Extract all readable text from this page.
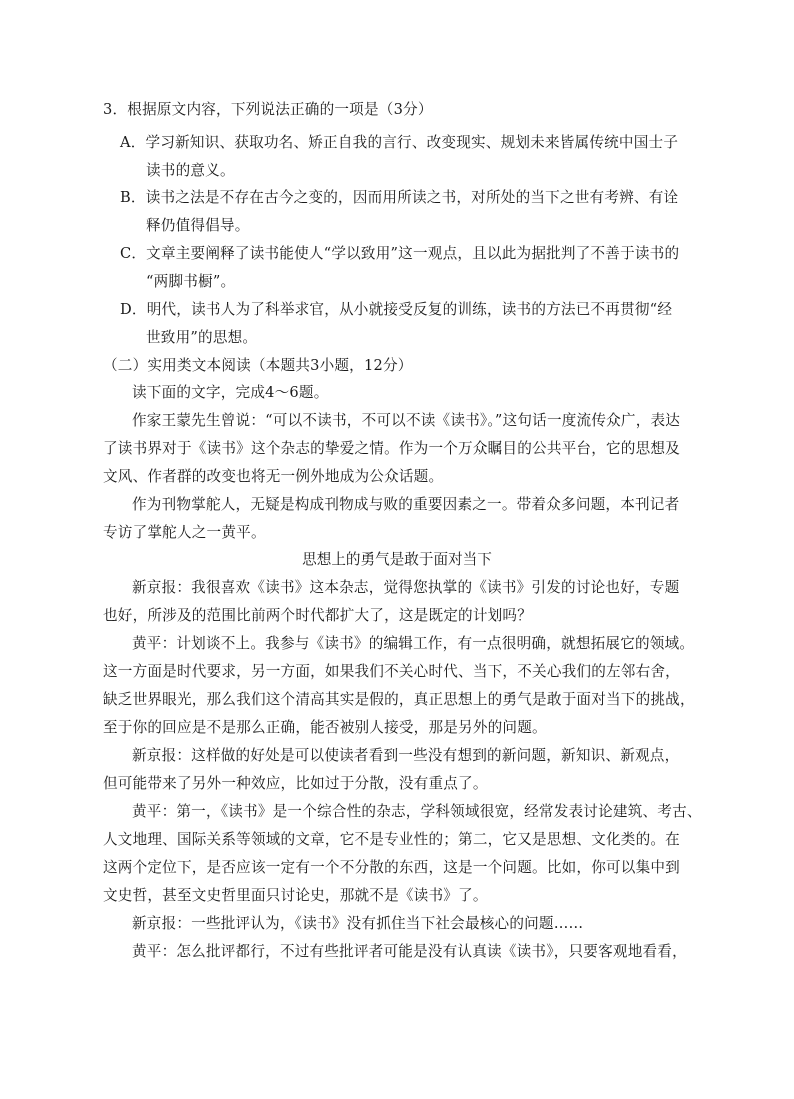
3．根据原文内容，下列说法正确的一项是（3分）
A．学习新知识、获取功名、矫正自我的言行、改变现实、规划未来皆属传统中国士子
读书的意义。
B．读书之法是不存在古今之变的，因而用所读之书，对所处的当下之世有考辨、有诠
释仍值得倡导。
C．文章主要阐释了读书能使人“学以致用”这一观点，且以此为据批判了不善于读书的
“两脚书橱”。
D．明代，读书人为了科举求官，从小就接受反复的训练，读书的方法已不再贯彻“经
世致用”的思想。
（二）实用类文本阅读（本题共3小题，12分）
读下面的文字，完成4～6题。
作家王蒙先生曾说：“可以不读书，不可以不读《读书》。”这句话一度流传众广，表达
了读书界对于《读书》这个杂志的挚爱之情。作为一个万众瞩目的公共平台，它的思想及
文风、作者群的改变也将无一例外地成为公众话题。
作为刊物掌舵人，无疑是构成刊物成与败的重要因素之一。带着众多问题，本刊记者
专访了掌舵人之一黄平。
思想上的勇气是敢于面对当下
新京报：我很喜欢《读书》这本杂志，觉得您执掌的《读书》引发的讨论也好，专题
也好，所涉及的范围比前两个时代都扩大了，这是既定的计划吗？
黄平：计划谈不上。我参与《读书》的编辑工作，有一点很明确，就想拓展它的领域。
这一方面是时代要求，另一方面，如果我们不关心时代、当下，不关心我们的左邻右舍，
缺乏世界眼光，那么我们这个清高其实是假的，真正思想上的勇气是敢于面对当下的挑战，
至于你的回应是不是那么正确，能否被别人接受，那是另外的问题。
新京报：这样做的好处是可以使读者看到一些没有想到的新问题，新知识、新观点，
但可能带来了另外一种效应，比如过于分散，没有重点了。
黄平：第一，《读书》是一个综合性的杂志，学科领域很宽，经常发表讨论建筑、考古、
人文地理、国际关系等领域的文章，它不是专业性的；第二，它又是思想、文化类的。在
这两个定位下，是否应该一定有一个不分散的东西，这是一个问题。比如，你可以集中到
文史哲，甚至文史哲里面只讨论史，那就不是《读书》了。
新京报：一些批评认为，《读书》没有抓住当下社会最核心的问题……
黄平：怎么批评都行，不过有些批评者可能是没有认真读《读书》，只要客观地看看，
